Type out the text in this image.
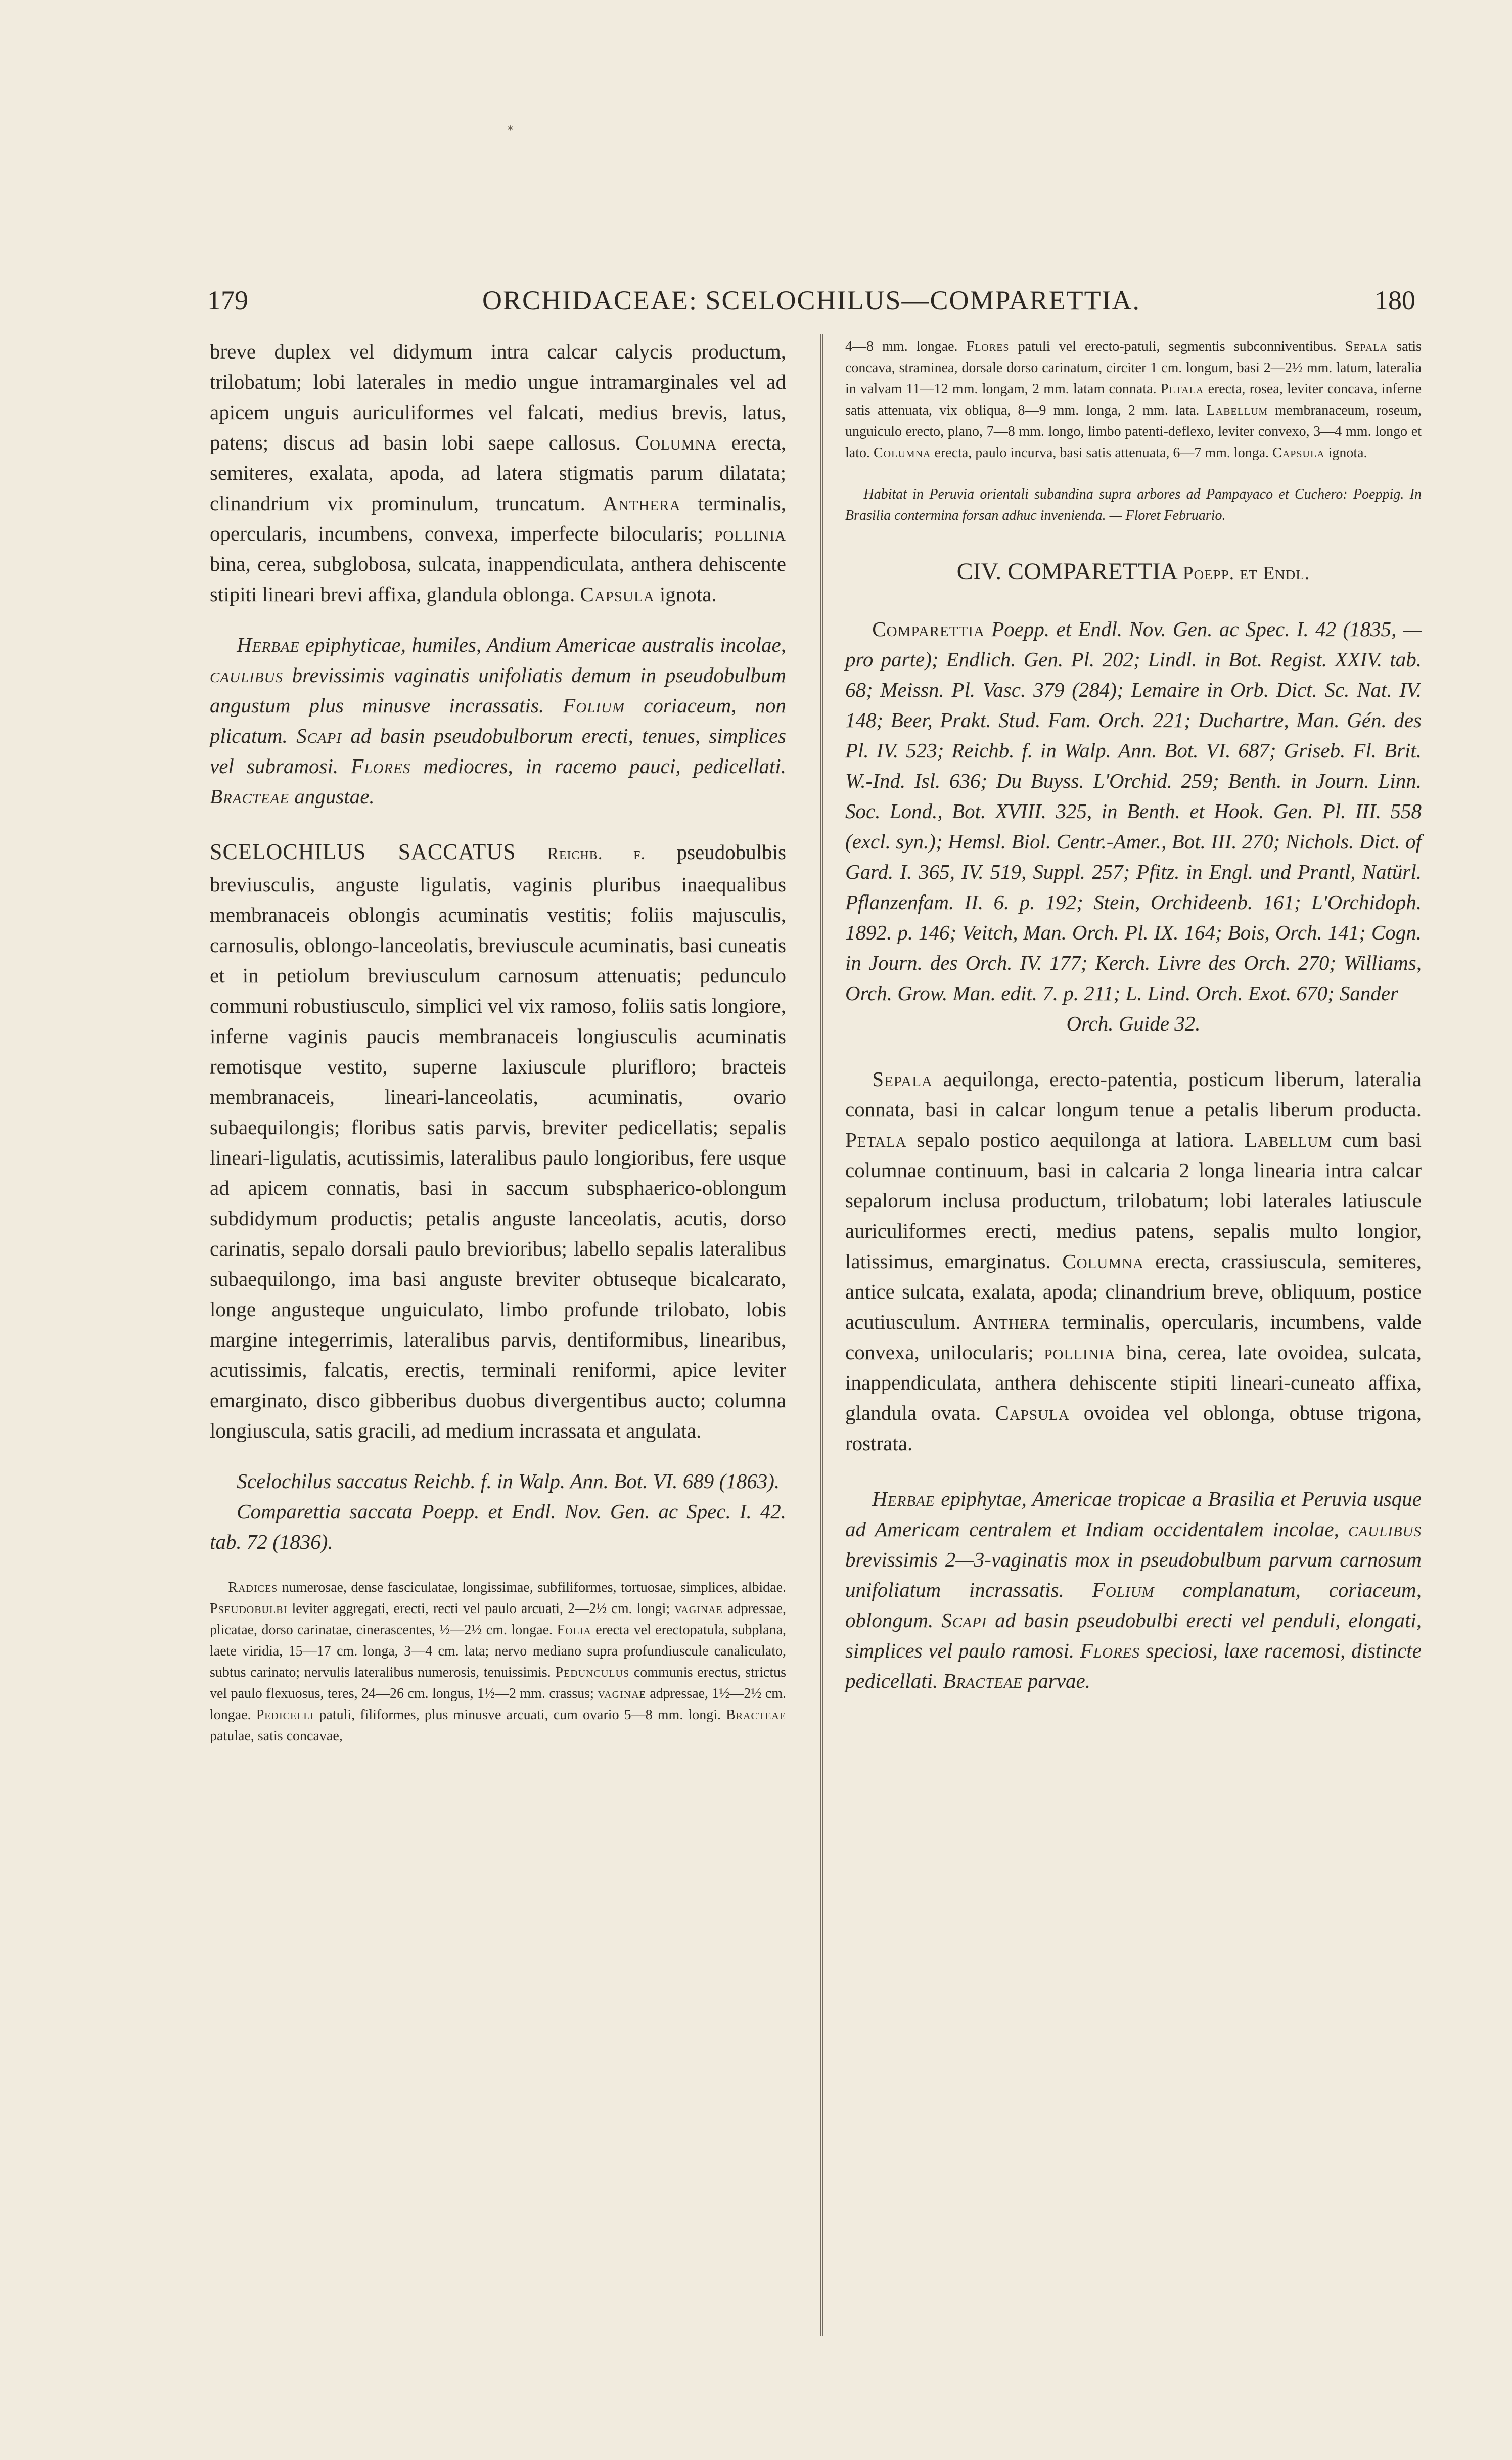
⁎
179	ORCHIDACEAE: SCELOCHILUS—COMPARETTIA.	180

breve duplex vel didymum intra calcar calycis productum, trilobatum; lobi laterales in medio ungue intramarginales vel ad apicem unguis auriculiformes vel falcati, medius brevis, latus, patens; discus ad basin lobi saepe callosus. Columna erecta, semiteres, exalata, apoda, ad latera stigmatis parum dilatata; clinandrium vix prominulum, truncatum. Anthera terminalis, opercularis, incumbens, convexa, imperfecte bilocularis; pollinia bina, cerea, subglobosa, sulcata, inappendiculata, anthera dehiscente stipiti lineari brevi affixa, glandula oblonga. Capsula ignota.

Herbae epiphyticae, humiles, Andium Americae australis incolae, caulibus brevissimis vaginatis unifoliatis demum in pseudobulbum angustum plus minusve incrassatis. Folium coriaceum, non plicatum. Scapi ad basin pseudobulborum erecti, tenues, simplices vel subramosi. Flores mediocres, in racemo pauci, pedicellati. Bracteae angustae.

SCELOCHILUS SACCATUS Reichb. f. pseudobulbis breviusculis, anguste ligulatis, vaginis pluribus inaequalibus membranaceis oblongis acuminatis vestitis; foliis majusculis, carnosulis, oblongo-lanceolatis, breviuscule acuminatis, basi cuneatis et in petiolum breviusculum carnosum attenuatis; pedunculo communi robustiusculo, simplici vel vix ramoso, foliis satis longiore, inferne vaginis paucis membranaceis longiusculis acuminatis remotisque vestito, superne laxiuscule plurifloro; bracteis membranaceis, lineari-lanceolatis, acuminatis, ovario subaequilongis; floribus satis parvis, breviter pedicellatis; sepalis lineari-ligulatis, acutissimis, lateralibus paulo longioribus, fere usque ad apicem connatis, basi in saccum subsphaerico-oblongum subdidymum productis; petalis anguste lanceolatis, acutis, dorso carinatis, sepalo dorsali paulo brevioribus; labello sepalis lateralibus subaequilongo, ima basi anguste breviter obtuseque bicalcarato, longe angusteque unguiculato, limbo profunde trilobato, lobis margine integerrimis, lateralibus parvis, dentiformibus, linearibus, acutissimis, falcatis, erectis, terminali reniformi, apice leviter emarginato, disco gibberibus duobus divergentibus aucto; columna longiuscula, satis gracili, ad medium incrassata et angulata.

Scelochilus saccatus Reichb. f. in Walp. Ann. Bot. VI. 689 (1863).

Comparettia saccata Poepp. et Endl. Nov. Gen. ac Spec. I. 42. tab. 72 (1836).

Radices numerosae, dense fasciculatae, longissimae, subfiliformes, tortuosae, simplices, albidae. Pseudobulbi leviter aggregati, erecti, recti vel paulo arcuati, 2—2½ cm. longi; vaginae adpressae, plicatae, dorso carinatae, cinerascentes, ½—2½ cm. longae. Folia erecta vel erectopatula, subplana, laete viridia, 15—17 cm. longa, 3—4 cm. lata; nervo mediano supra profundiuscule canaliculato, subtus carinato; nervulis lateralibus numerosis, tenuissimis. Pedunculus communis erectus, strictus vel paulo flexuosus, teres, 24—26 cm. longus, 1½—2 mm. crassus; vaginae adpressae, 1½—2½ cm. longae. Pedicelli patuli, filiformes, plus minusve arcuati, cum ovario 5—8 mm. longi. Bracteae patulae, satis concavae,

4—8 mm. longae. Flores patuli vel erecto-patuli, segmentis subconniventibus. Sepala satis concava, straminea, dorsale dorso carinatum, circiter 1 cm. longum, basi 2—2½ mm. latum, lateralia in valvam 11—12 mm. longam, 2 mm. latam connata. Petala erecta, rosea, leviter concava, inferne satis attenuata, vix obliqua, 8—9 mm. longa, 2 mm. lata. Labellum membranaceum, roseum, unguiculo erecto, plano, 7—8 mm. longo, limbo patenti-deflexo, leviter convexo, 3—4 mm. longo et lato. Columna erecta, paulo incurva, basi satis attenuata, 6—7 mm. longa. Capsula ignota.

Habitat in Peruvia orientali subandina supra arbores ad Pampayaco et Cuchero: Poeppig. In Brasilia contermina forsan adhuc invenienda. — Floret Februario.

CIV. COMPARETTIA Poepp. et Endl.

Comparettia Poepp. et Endl. Nov. Gen. ac Spec. I. 42 (1835, — pro parte); Endlich. Gen. Pl. 202; Lindl. in Bot. Regist. XXIV. tab. 68; Meissn. Pl. Vasc. 379 (284); Lemaire in Orb. Dict. Sc. Nat. IV. 148; Beer, Prakt. Stud. Fam. Orch. 221; Duchartre, Man. Gén. des Pl. IV. 523; Reichb. f. in Walp. Ann. Bot. VI. 687; Griseb. Fl. Brit. W.-Ind. Isl. 636; Du Buyss. L'Orchid. 259; Benth. in Journ. Linn. Soc. Lond., Bot. XVIII. 325, in Benth. et Hook. Gen. Pl. III. 558 (excl. syn.); Hemsl. Biol. Centr.-Amer., Bot. III. 270; Nichols. Dict. of Gard. I. 365, IV. 519, Suppl. 257; Pfitz. in Engl. und Prantl, Natürl. Pflanzenfam. II. 6. p. 192; Stein, Orchideenb. 161; L'Orchidoph. 1892. p. 146; Veitch, Man. Orch. Pl. IX. 164; Bois, Orch. 141; Cogn. in Journ. des Orch. IV. 177; Kerch. Livre des Orch. 270; Williams, Orch. Grow. Man. edit. 7. p. 211; L. Lind. Orch. Exot. 670; Sander

Orch. Guide 32.

Sepala aequilonga, erecto-patentia, posticum liberum, lateralia connata, basi in calcar longum tenue a petalis liberum producta. Petala sepalo postico aequilonga at latiora. Labellum cum basi columnae continuum, basi in calcaria 2 longa linearia intra calcar sepalorum inclusa productum, trilobatum; lobi laterales latiuscule auriculiformes erecti, medius patens, sepalis multo longior, latissimus, emarginatus. Columna erecta, crassiuscula, semiteres, antice sulcata, exalata, apoda; clinandrium breve, obliquum, postice acutiusculum. Anthera terminalis, opercularis, incumbens, valde convexa, unilocularis; pollinia bina, cerea, late ovoidea, sulcata, inappendiculata, anthera dehiscente stipiti lineari-cuneato affixa, glandula ovata. Capsula ovoidea vel oblonga, obtuse trigona, rostrata.

Herbae epiphytae, Americae tropicae a Brasilia et Peruvia usque ad Americam centralem et Indiam occidentalem incolae, caulibus brevissimis 2—3-vaginatis mox in pseudobulbum parvum carnosum unifoliatum incrassatis. Folium complanatum, coriaceum, oblongum. Scapi ad basin pseudobulbi erecti vel penduli, elongati, simplices vel paulo ramosi. Flores speciosi, laxe racemosi, distincte pedicellati. Bracteae parvae.
